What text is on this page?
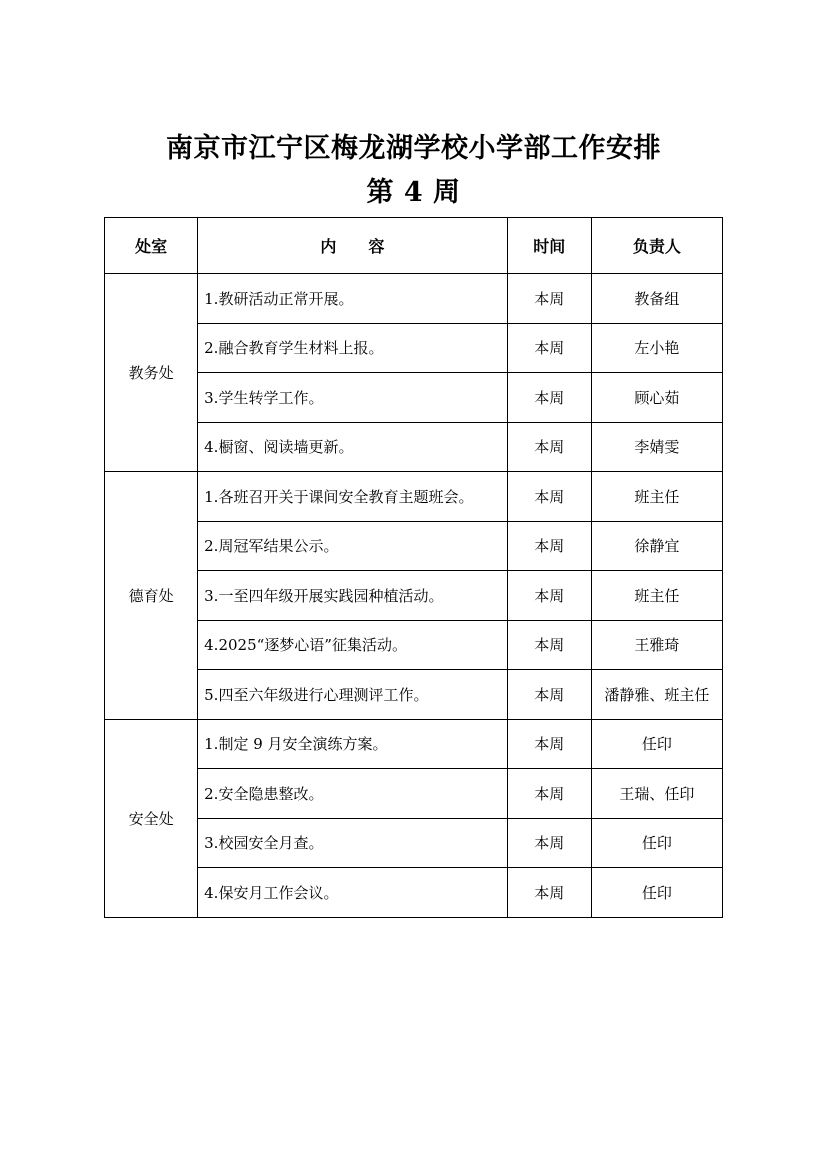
南京市江宁区梅龙湖学校小学部工作安排
第 4 周
处室	内　　容	时间	负责人
教务处	1.教研活动正常开展。	本周	教备组
	2.融合教育学生材料上报。	本周	左小艳
	3.学生转学工作。	本周	顾心茹
	4.橱窗、阅读墙更新。	本周	李婧雯
德育处	1.各班召开关于课间安全教育主题班会。	本周	班主任
	2.周冠军结果公示。	本周	徐静宜
	3.一至四年级开展实践园种植活动。	本周	班主任
	4.2025“逐梦心语”征集活动。	本周	王雅琦
	5.四至六年级进行心理测评工作。	本周	潘静雅、班主任
安全处	1.制定 9 月安全演练方案。	本周	任印
	2.安全隐患整改。	本周	王瑞、任印
	3.校园安全月查。	本周	任印
	4.保安月工作会议。	本周	任印
